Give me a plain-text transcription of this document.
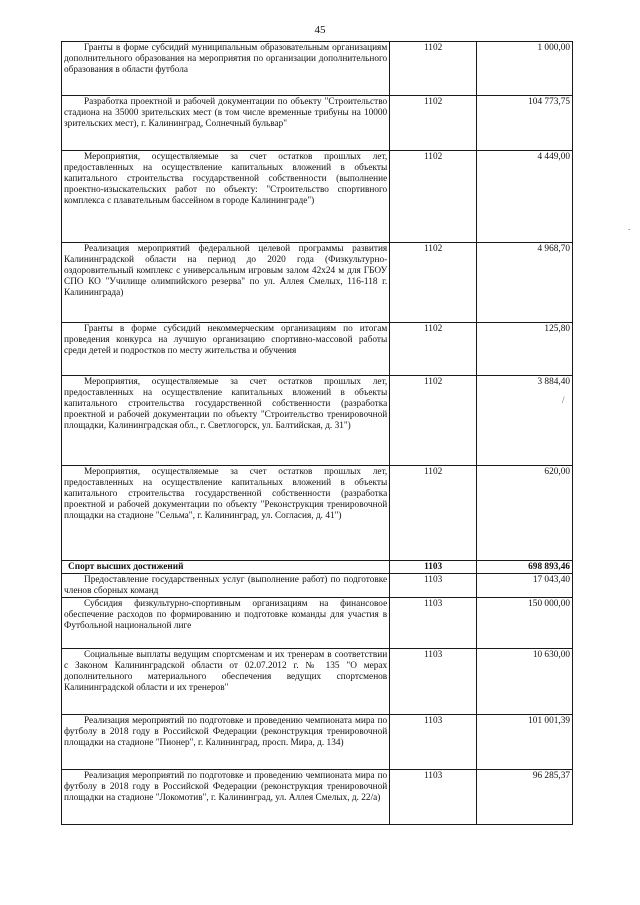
45
Гранты в форме субсидий муниципальным образовательным организациям дополнительного образования на мероприятия по организации дополнительного образования в области футбола	1102	1 000,00

Разработка проектной и рабочей документации по объекту "Строительство стадиона на 35000 зрительских мест (в том числе временные трибуны на 10000 зрительских мест), г. Калининград, Солнечный бульвар"	1102	104 773,75

Мероприятия, осуществляемые за счет остатков прошлых лет, предоставленных на осуществление капитальных вложений в объекты капитального строительства государственной собственности (выполнение проектно-изыскательских работ по объекту: "Строительство спортивного комплекса с плавательным бассейном в городе Калининграде")	1102	4 449,00

Реализация мероприятий федеральной целевой программы развития Калининградской области на период до 2020 года (Физкультурно-оздоровительный комплекс с универсальным игровым залом 42х24 м для ГБОУ СПО КО "Училище олимпийского резерва" по ул. Аллея Смелых, 116-118 г. Калининграда)	1102	4 968,70

Гранты в форме субсидий некоммерческим организациям по итогам проведения конкурса на лучшую организацию спортивно-массовой работы среди детей и подростков по месту жительства и обучения	1102	125,80

Мероприятия, осуществляемые за счет остатков прошлых лет, предоставленных на осуществление капитальных вложений в объекты капитального строительства государственной собственности (разработка проектной и рабочей документации по объекту "Строительство тренировочной площадки, Калининградская обл., г. Светлогорск, ул. Балтийская, д. 31")	1102	3 884,40

Мероприятия, осуществляемые за счет остатков прошлых лет, предоставленных на осуществление капитальных вложений в объекты капитального строительства государственной собственности (разработка проектной и рабочей документации по объекту "Реконструкция тренировочной площадки на стадионе "Сельма", г. Калининград, ул. Согласия, д. 41")	1102	620,00

Спорт высших достижений	1103	698 893,46

Предоставление государственных услуг (выполнение работ) по подготовке членов сборных команд	1103	17 043,40

Субсидия физкультурно-спортивным организациям на финансовое обеспечение расходов по формированию и подготовке команды для участия в Футбольной национальной лиге	1103	150 000,00

Социальные выплаты ведущим спортсменам и их тренерам в соответствии с Законом Калининградской области от 02.07.2012 г. № 135 "О мерах дополнительного материального обеспечения ведущих спортсменов Калининградской области и их тренеров"	1103	10 630,00

Реализация мероприятий по подготовке и проведению чемпионата мира по футболу в 2018 году в Российской Федерации (реконструкция тренировочной площадки на стадионе "Пионер", г. Калининград, просп. Мира, д. 134)	1103	101 001,39

Реализация мероприятий по подготовке и проведению чемпионата мира по футболу в 2018 году в Российской Федерации (реконструкция тренировочной площадки на стадионе "Локомотив", г. Калининград, ул. Аллея Смелых, д. 22/а)	1103	96 285,37
/
.
